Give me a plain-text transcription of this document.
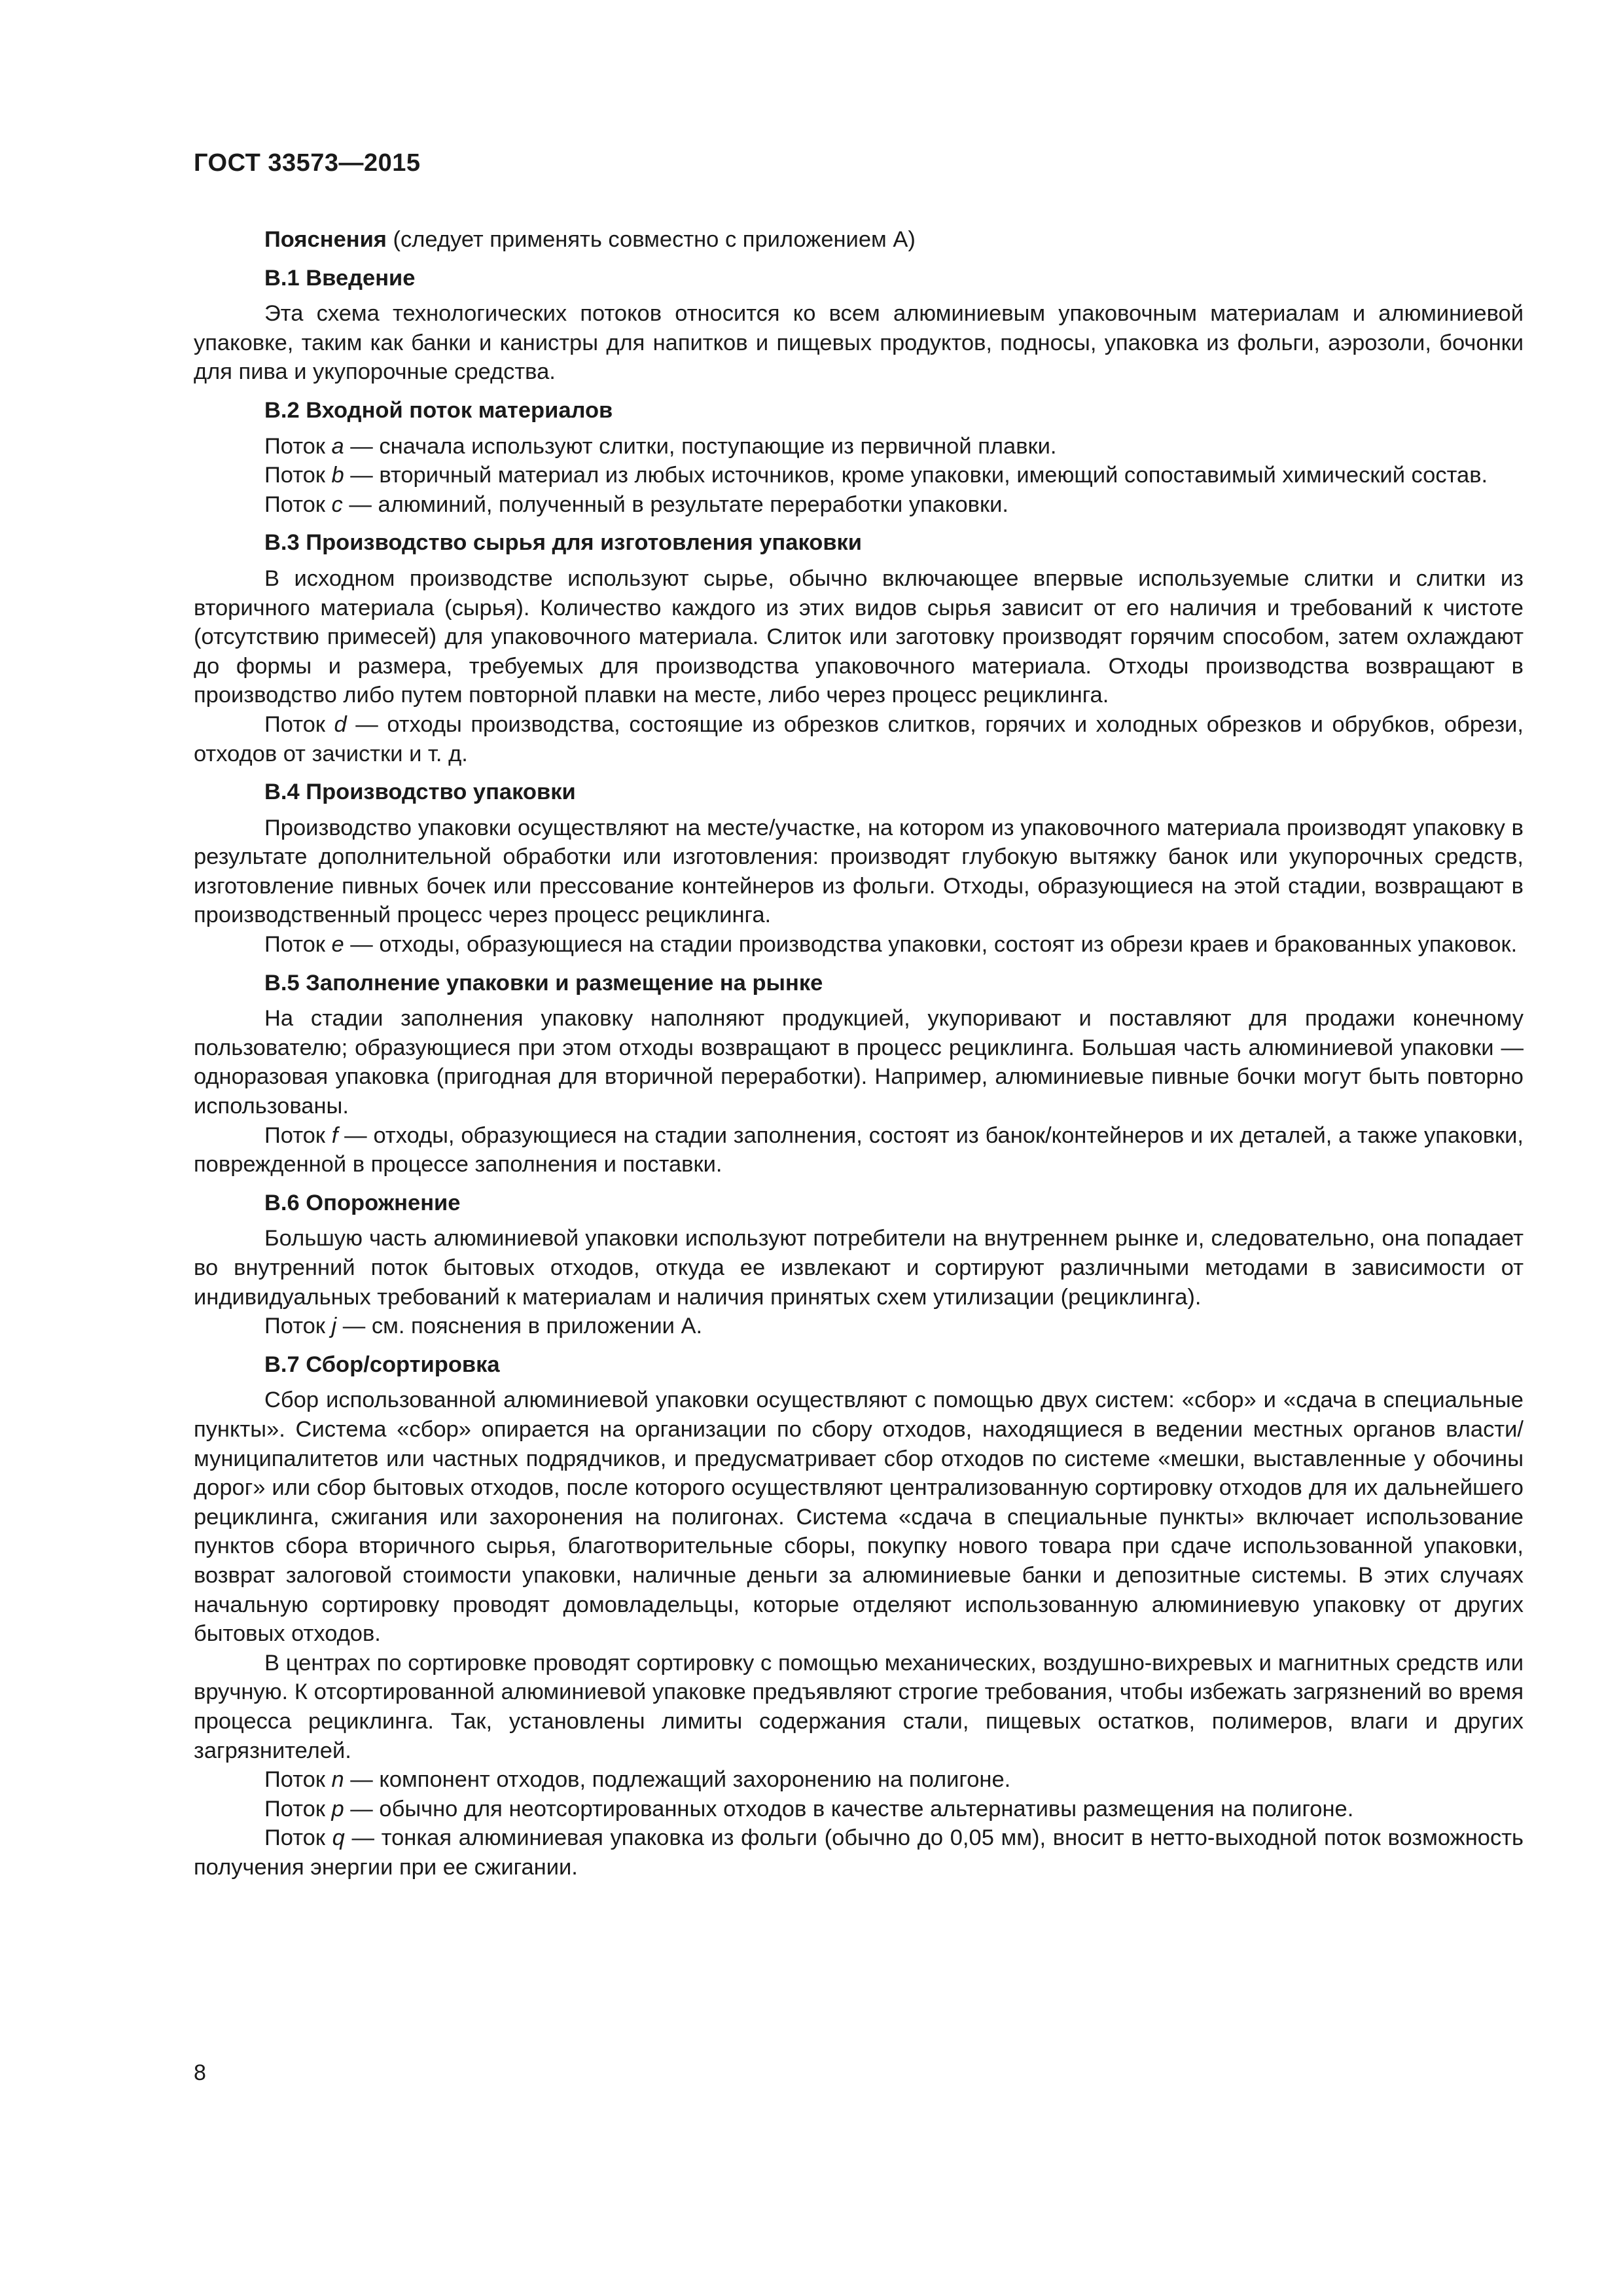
ГОСТ 33573—2015

Пояснения (следует применять совместно с приложением А)

В.1 Введение

Эта схема технологических потоков относится ко всем алюминиевым упаковочным материалам и алюминиевой упаковке, таким как банки и канистры для напитков и пищевых продуктов, подносы, упаковка из фольги, аэрозоли, бочонки для пива и укупорочные средства.

В.2 Входной поток материалов

Поток a — сначала используют слитки, поступающие из первичной плавки.

Поток b — вторичный материал из любых источников, кроме упаковки, имеющий сопоставимый химический состав.

Поток c — алюминий, полученный в результате переработки упаковки.

В.3 Производство сырья для изготовления упаковки

В исходном производстве используют сырье, обычно включающее впервые используемые слитки и слитки из вторичного материала (сырья). Количество каждого из этих видов сырья зависит от его наличия и требований к чистоте (отсутствию примесей) для упаковочного материала. Слиток или заготовку производят горячим способом, затем охлаждают до формы и размера, требуемых для производства упаковочного материала. Отходы производства возвращают в производство либо путем повторной плавки на месте, либо через процесс рециклинга.

Поток d — отходы производства, состоящие из обрезков слитков, горячих и холодных обрезков и обрубков, обрези, отходов от зачистки и т. д.

В.4 Производство упаковки

Производство упаковки осуществляют на месте/участке, на котором из упаковочного материала производят упаковку в результате дополнительной обработки или изготовления: производят глубокую вытяжку банок или укупорочных средств, изготовление пивных бочек или прессование контейнеров из фольги. Отходы, образующиеся на этой стадии, возвращают в производственный процесс через процесс рециклинга.

Поток e — отходы, образующиеся на стадии производства упаковки, состоят из обрези краев и бракованных упаковок.

В.5 Заполнение упаковки и размещение на рынке

На стадии заполнения упаковку наполняют продукцией, укупоривают и поставляют для продажи конечному пользователю; образующиеся при этом отходы возвращают в процесс рециклинга. Большая часть алюминиевой упаковки — одноразовая упаковка (пригодная для вторичной переработки). Например, алюминиевые пивные бочки могут быть повторно использованы.

Поток f — отходы, образующиеся на стадии заполнения, состоят из банок/контейнеров и их деталей, а также упаковки, поврежденной в процессе заполнения и поставки.

В.6 Опорожнение

Большую часть алюминиевой упаковки используют потребители на внутреннем рынке и, следовательно, она попадает во внутренний поток бытовых отходов, откуда ее извлекают и сортируют различными методами в зависимости от индивидуальных требований к материалам и наличия принятых схем утилизации (рециклинга).

Поток j — см. пояснения в приложении А.

В.7 Сбор/сортировка

Сбор использованной алюминиевой упаковки осуществляют с помощью двух систем: «сбор» и «сдача в специальные пункты». Система «сбор» опирается на организации по сбору отходов, находящиеся в ведении местных органов власти/муниципалитетов или частных подрядчиков, и предусматривает сбор отходов по системе «мешки, выставленные у обочины дорог» или сбор бытовых отходов, после которого осуществляют централизованную сортировку отходов для их дальнейшего рециклинга, сжигания или захоронения на полигонах. Система «сдача в специальные пункты» включает использование пунктов сбора вторичного сырья, благотворительные сборы, покупку нового товара при сдаче использованной упаковки, возврат залоговой стоимости упаковки, наличные деньги за алюминиевые банки и депозитные системы. В этих случаях начальную сортировку проводят домовладельцы, которые отделяют использованную алюминиевую упаковку от других бытовых отходов.

В центрах по сортировке проводят сортировку с помощью механических, воздушно-вихревых и магнитных средств или вручную. К отсортированной алюминиевой упаковке предъявляют строгие требования, чтобы избежать загрязнений во время процесса рециклинга. Так, установлены лимиты содержания стали, пищевых остатков, полимеров, влаги и других загрязнителей.

Поток n — компонент отходов, подлежащий захоронению на полигоне.

Поток p — обычно для неотсортированных отходов в качестве альтернативы размещения на полигоне.

Поток q — тонкая алюминиевая упаковка из фольги (обычно до 0,05 мм), вносит в нетто-выходной поток возможность получения энергии при ее сжигании.

8
